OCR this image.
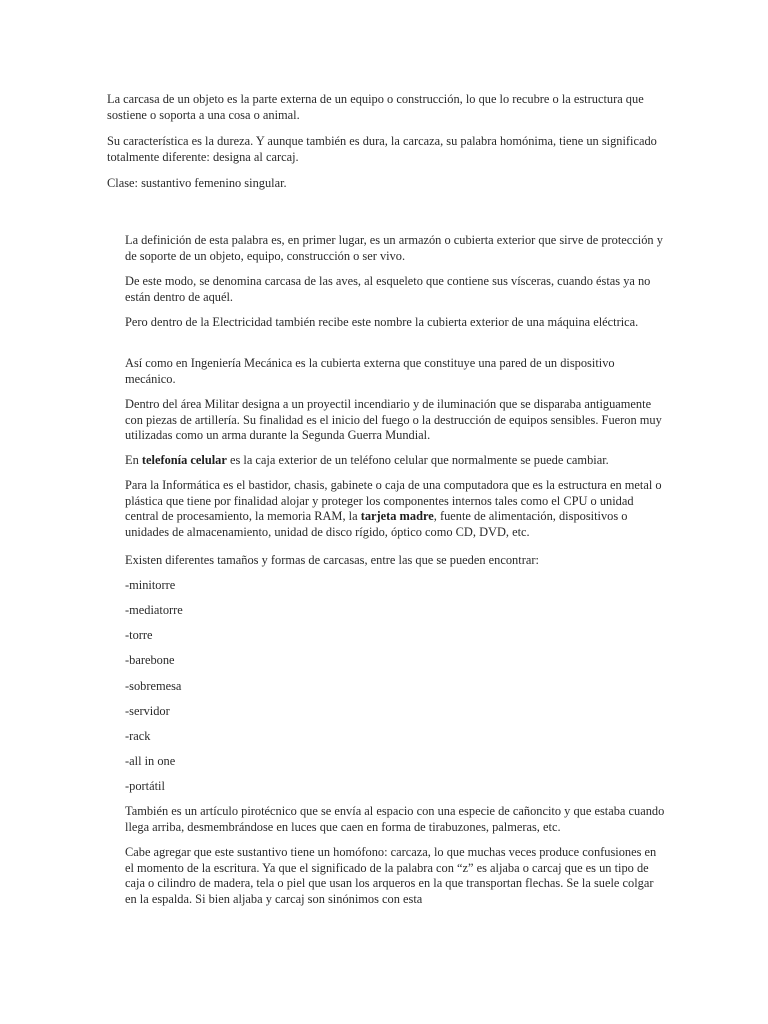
La carcasa de un objeto es la parte externa de un equipo o construcción, lo que lo recubre o la estructura que sostiene o soporta a una cosa o animal.

Su característica es la dureza. Y aunque también es dura, la carcaza, su palabra homónima, tiene un significado totalmente diferente: designa al carcaj.

Clase: sustantivo femenino singular.

La definición de esta palabra es, en primer lugar, es un armazón o cubierta exterior que sirve de protección y de soporte de un objeto, equipo, construcción o ser vivo.

De este modo, se denomina carcasa de las aves, al esqueleto que contiene sus vísceras, cuando éstas ya no están dentro de aquél.

Pero dentro de la Electricidad también recibe este nombre la cubierta exterior de una máquina eléctrica.

Así como en Ingeniería Mecánica es la cubierta externa que constituye una pared de un dispositivo mecánico.

Dentro del área Militar designa a un proyectil incendiario y de iluminación que se disparaba antiguamente con piezas de artillería. Su finalidad es el inicio del fuego o la destrucción de equipos sensibles. Fueron muy utilizadas como un arma durante la Segunda Guerra Mundial.

En telefonía celular es la caja exterior de un teléfono celular que normalmente se puede cambiar.

Para la Informática es el bastidor, chasis, gabinete o caja de una computadora que es la estructura en metal o plástica que tiene por finalidad alojar y proteger los componentes internos tales como el CPU o unidad central de procesamiento, la memoria RAM, la tarjeta madre, fuente de alimentación, dispositivos o unidades de almacenamiento, unidad de disco rígido, óptico como CD, DVD, etc.

Existen diferentes tamaños y formas de carcasas, entre las que se pueden encontrar:

-minitorre

-mediatorre

-torre

-barebone

-sobremesa

-servidor

-rack

-all in one

-portátil

También es un artículo pirotécnico que se envía al espacio con una especie de cañoncito y que estaba cuando llega arriba, desmembrándose en luces que caen en forma de tirabuzones, palmeras, etc.

Cabe agregar que este sustantivo tiene un homófono: carcaza, lo que muchas veces produce confusiones en el momento de la escritura. Ya que el significado de la palabra con “z” es aljaba o carcaj que es un tipo de caja o cilindro de madera, tela o piel que usan los arqueros en la que transportan flechas. Se la suele colgar en la espalda. Si bien aljaba y carcaj son sinónimos con esta
